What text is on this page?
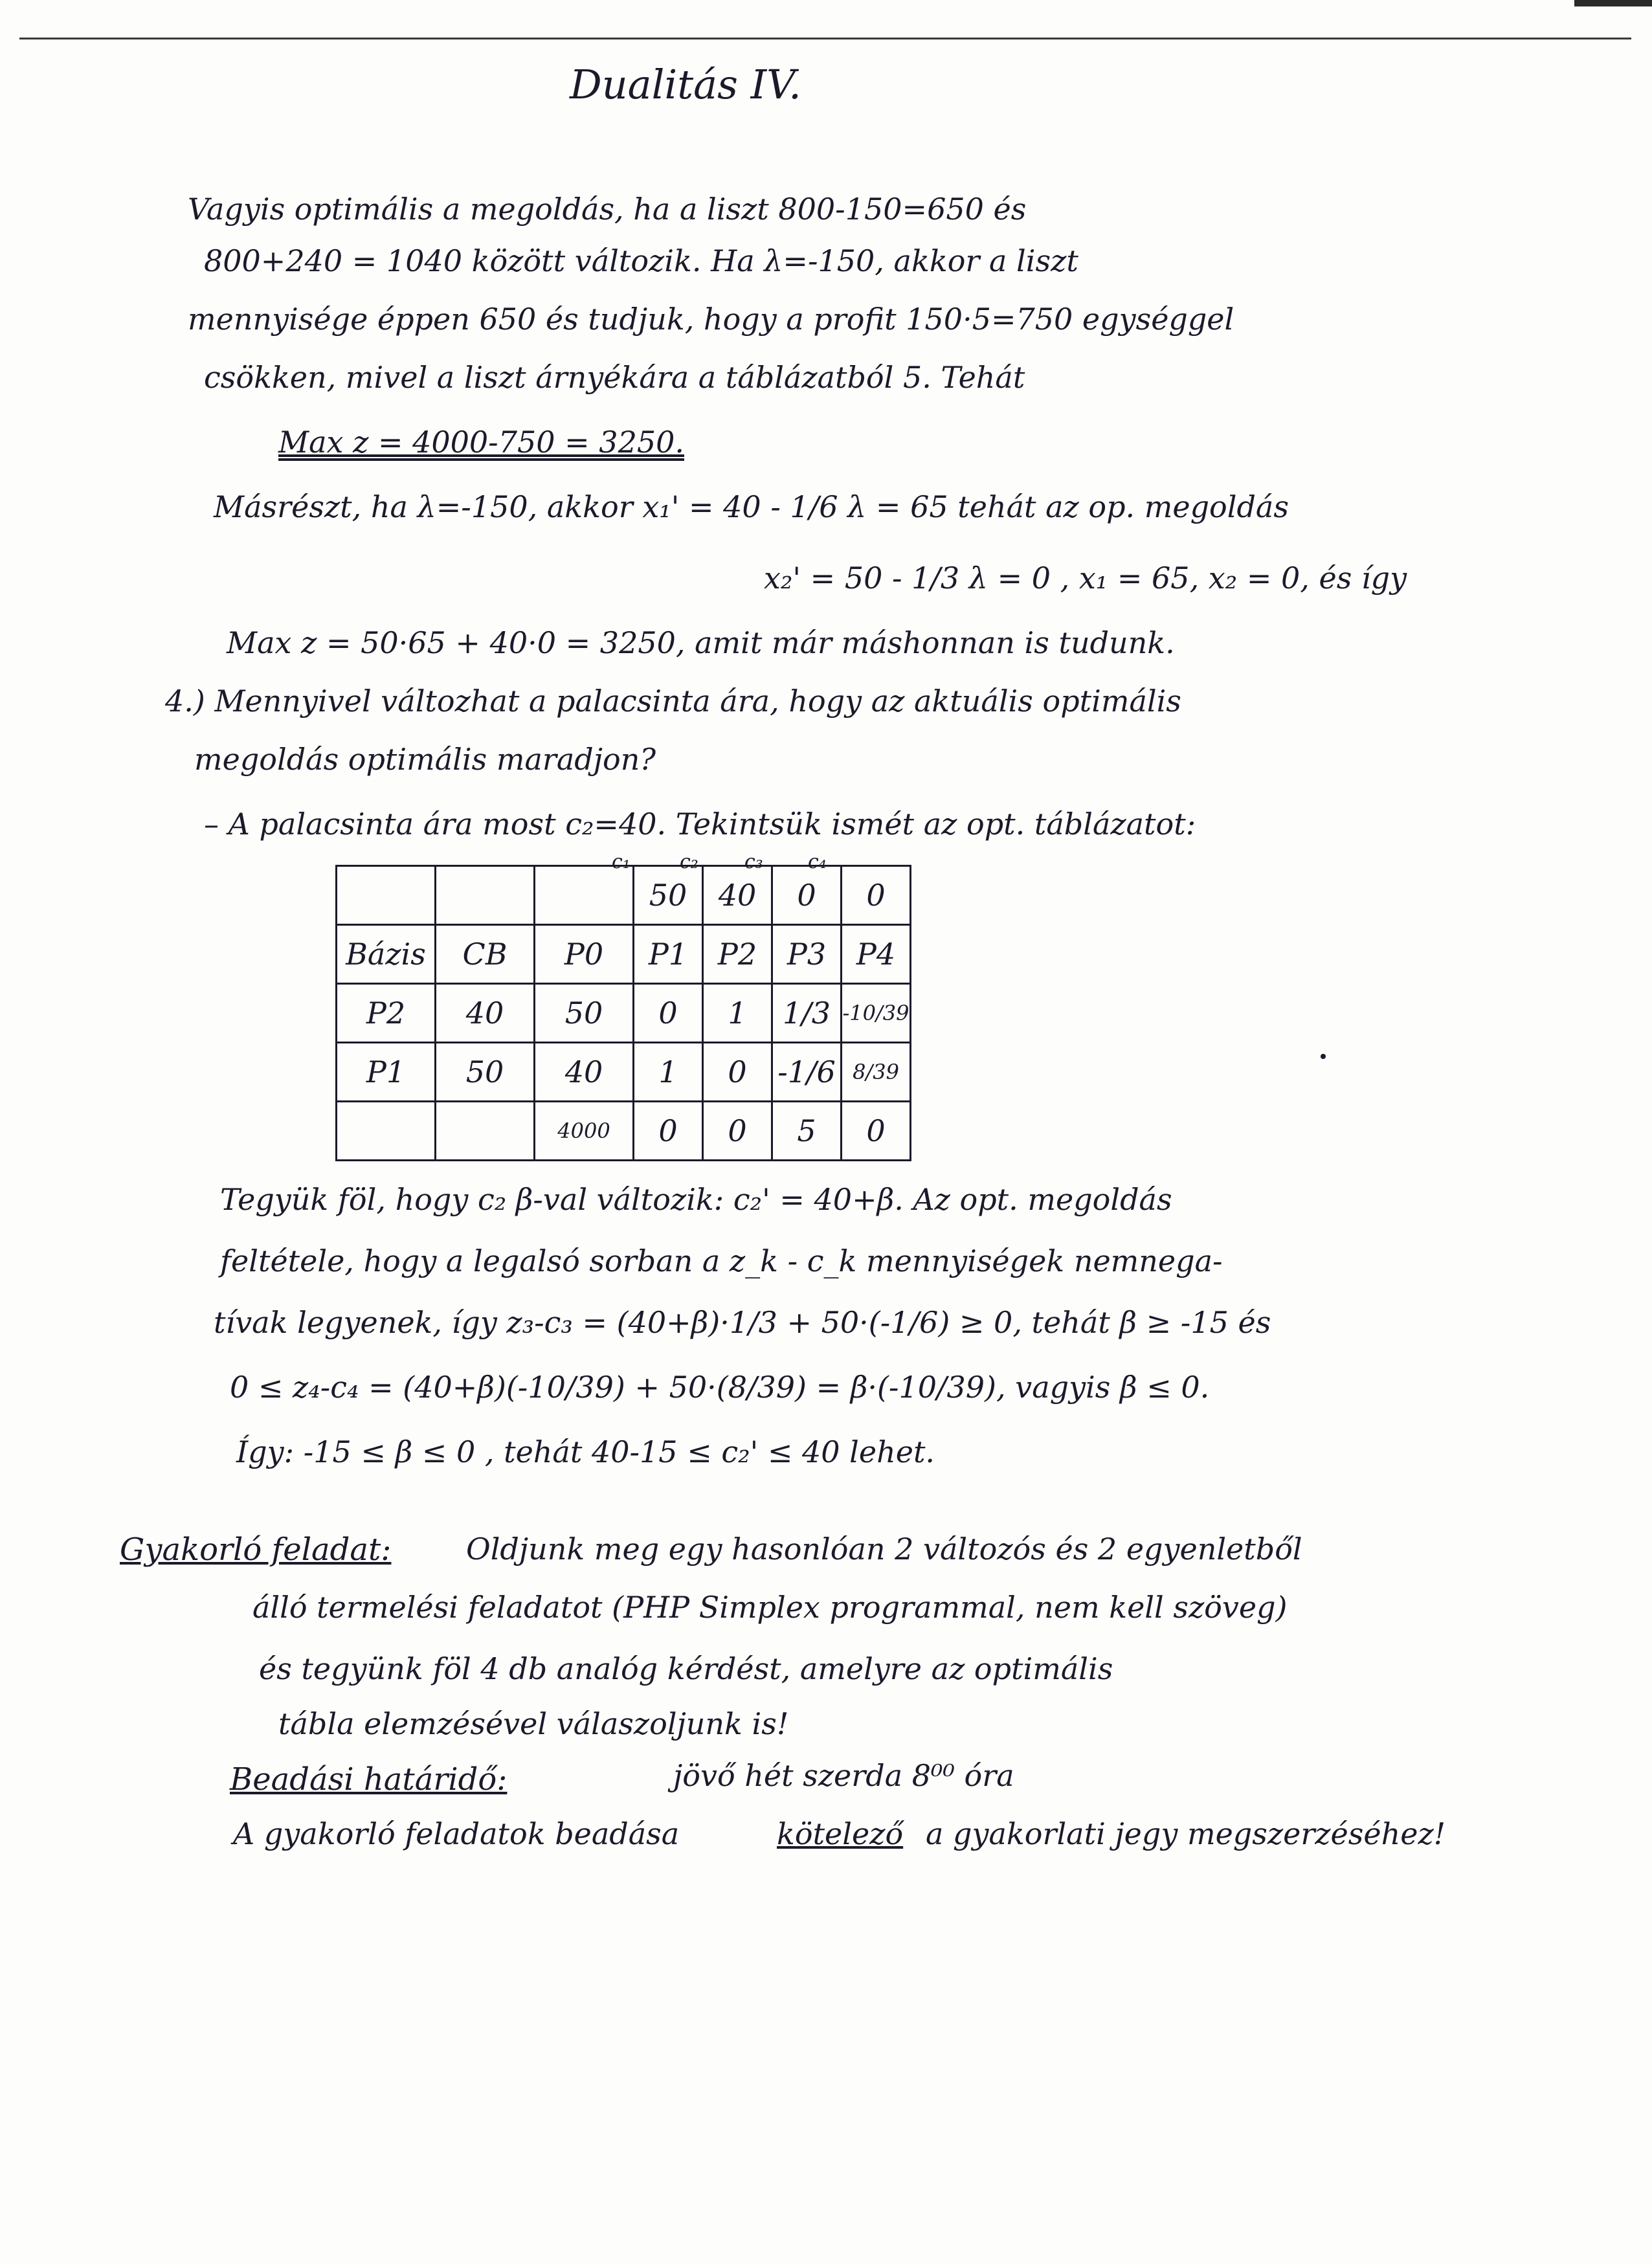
Dualitás IV.
Vagyis optimális a megoldás, ha a liszt 800-150=650 és
800+240 = 1040 között változik. Ha λ=-150, akkor a liszt
mennyisége éppen 650 és tudjuk, hogy a profit 150·5=750 egységgel
csökken, mivel a liszt árnyékára a táblázatból 5. Tehát
Max z = 4000-750 = 3250.
Másrészt, ha λ=-150, akkor x₁' = 40 - 1/6 λ = 65 tehát az op. megoldás
x₂' = 50 - 1/3 λ = 0 , x₁ = 65, x₂ = 0, és így
Max z = 50·65 + 40·0 = 3250, amit már máshonnan is tudunk.
4.) Mennyivel változhat a palacsinta ára, hogy az aktuális optimális
megoldás optimális maradjon?
– A palacsinta ára most c₂=40. Tekintsük ismét az opt. táblázatot:
c₁	c₂ c₃ c₄
			50	40	0	0
Bázis	CB	P0	P1	P2	P3	P4
P2	40	50	0	1	1/3	-10/39
P1	50	40	1	0	-1/6	8/39
		4000	0	0	5	0
Tegyük föl, hogy c₂ β-val változik: c₂' = 40+β. Az opt. megoldás
feltétele, hogy a legalsó sorban a z_k - c_k mennyiségek nemnega-
tívak legyenek, így z₃-c₃ = (40+β)·1/3 + 50·(-1/6) ≥ 0, tehát β ≥ -15 és
0 ≤ z₄-c₄ = (40+β)(-10/39) + 50·(8/39) = β·(-10/39), vagyis β ≤ 0.
Így: -15 ≤ β ≤ 0 , tehát 40-15 ≤ c₂' ≤ 40 lehet.
Gyakorló feladat:	Oldjunk meg egy hasonlóan 2 változós és 2 egyenletből
álló termelési feladatot (PHP Simplex programmal, nem kell szöveg)
és tegyünk föl 4 db analóg kérdést, amelyre az optimális
tábla elemzésével válaszoljunk is!
Beadási határidő:	jövő hét szerda 8⁰⁰ óra
A gyakorló feladatok beadása	kötelező a gyakorlati jegy megszerzéséhez!
